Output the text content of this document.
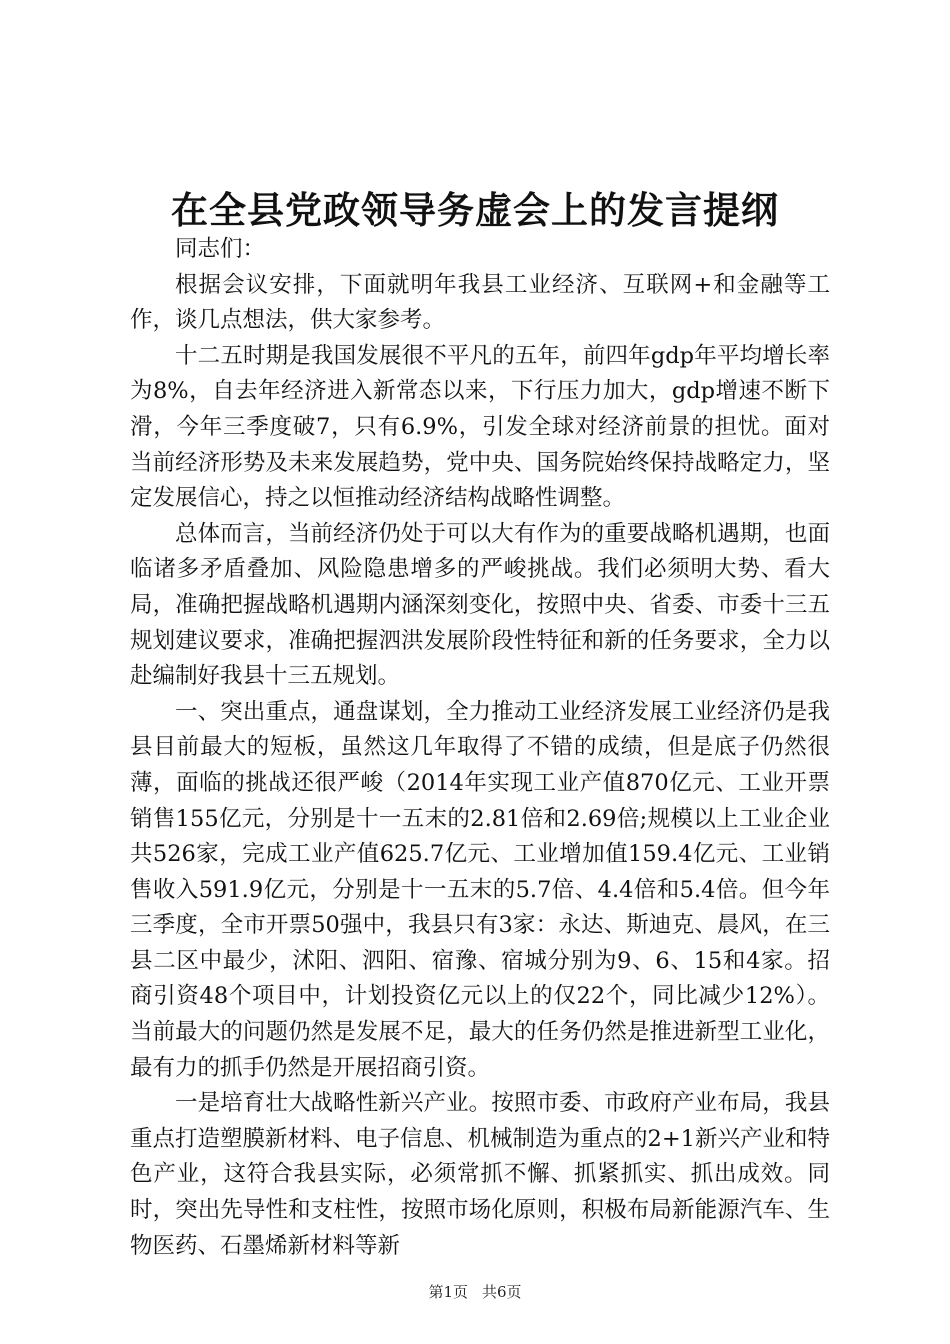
在全县党政领导务虚会上的发言提纲

同志们：

根据会议安排，下面就明年我县工业经济、互联网+和金融等工作，谈几点想法，供大家参考。

十二五时期是我国发展很不平凡的五年，前四年gdp年平均增长率为8%，自去年经济进入新常态以来，下行压力加大，gdp增速不断下滑，今年三季度破7，只有6.9%，引发全球对经济前景的担忧。面对当前经济形势及未来发展趋势，党中央、国务院始终保持战略定力，坚定发展信心，持之以恒推动经济结构战略性调整。

总体而言，当前经济仍处于可以大有作为的重要战略机遇期，也面临诸多矛盾叠加、风险隐患增多的严峻挑战。我们必须明大势、看大局，准确把握战略机遇期内涵深刻变化，按照中央、省委、市委十三五规划建议要求，准确把握泗洪发展阶段性特征和新的任务要求，全力以赴编制好我县十三五规划。

一、突出重点，通盘谋划，全力推动工业经济发展工业经济仍是我县目前最大的短板，虽然这几年取得了不错的成绩，但是底子仍然很薄，面临的挑战还很严峻（2014年实现工业产值870亿元、工业开票销售155亿元，分别是十一五末的2.81倍和2.69倍;规模以上工业企业共526家，完成工业产值625.7亿元、工业增加值159.4亿元、工业销售收入591.9亿元，分别是十一五末的5.7倍、4.4倍和5.4倍。但今年三季度，全市开票50强中，我县只有3家：永达、斯迪克、晨风，在三县二区中最少，沭阳、泗阳、宿豫、宿城分别为9、6、15和4家。招商引资48个项目中，计划投资亿元以上的仅22个，同比减少12%）。当前最大的问题仍然是发展不足，最大的任务仍然是推进新型工业化，最有力的抓手仍然是开展招商引资。

一是培育壮大战略性新兴产业。按照市委、市政府产业布局，我县重点打造塑膜新材料、电子信息、机械制造为重点的2+1新兴产业和特色产业，这符合我县实际，必须常抓不懈、抓紧抓实、抓出成效。同时，突出先导性和支柱性，按照市场化原则，积极布局新能源汽车、生物医药、石墨烯新材料等新

第1页 共6页
